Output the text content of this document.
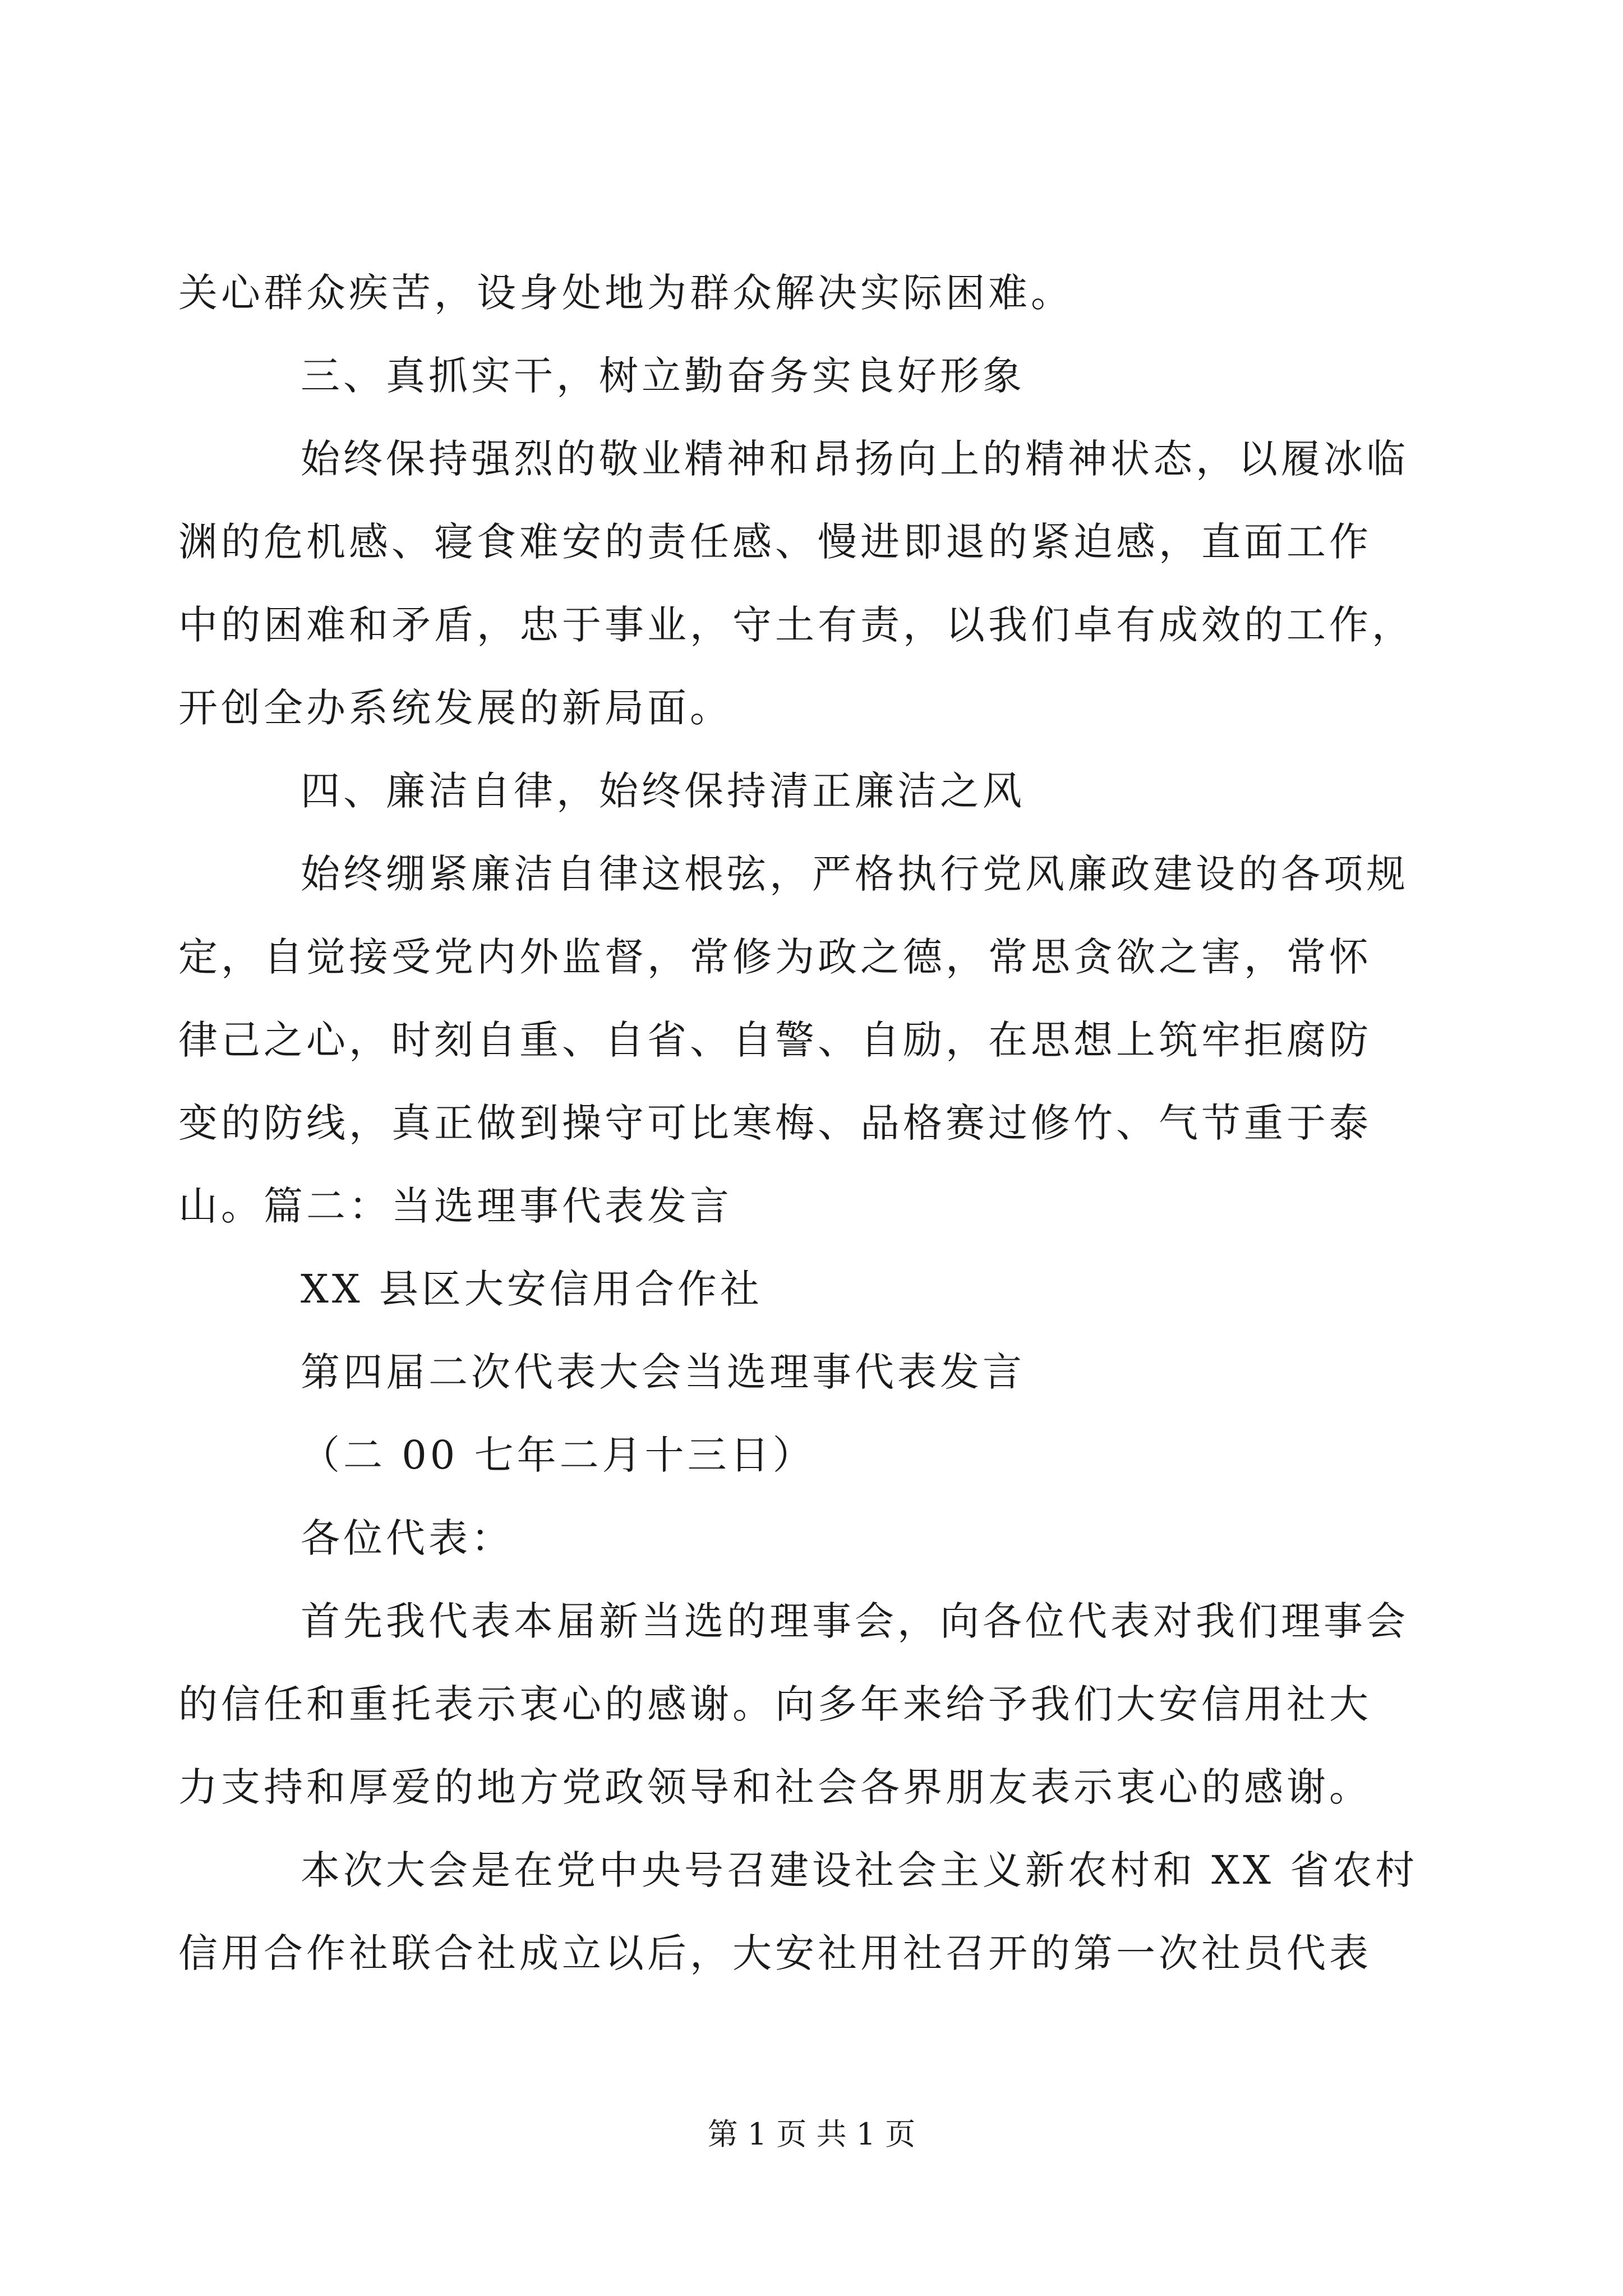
关心群众疾苦，设身处地为群众解决实际困难。
三、真抓实干，树立勤奋务实良好形象
始终保持强烈的敬业精神和昂扬向上的精神状态，以履冰临
渊的危机感、寝食难安的责任感、慢进即退的紧迫感，直面工作
中的困难和矛盾，忠于事业，守土有责，以我们卓有成效的工作，
开创全办系统发展的新局面。
四、廉洁自律，始终保持清正廉洁之风
始终绷紧廉洁自律这根弦，严格执行党风廉政建设的各项规
定，自觉接受党内外监督，常修为政之德，常思贪欲之害，常怀
律己之心，时刻自重、自省、自警、自励，在思想上筑牢拒腐防
变的防线，真正做到操守可比寒梅、品格赛过修竹、气节重于泰
山。篇二：当选理事代表发言
XX 县区大安信用合作社
第四届二次代表大会当选理事代表发言
（二 00 七年二月十三日）
各位代表：
首先我代表本届新当选的理事会，向各位代表对我们理事会
的信任和重托表示衷心的感谢。向多年来给予我们大安信用社大
力支持和厚爱的地方党政领导和社会各界朋友表示衷心的感谢。
本次大会是在党中央号召建设社会主义新农村和 XX 省农村
信用合作社联合社成立以后，大安社用社召开的第一次社员代表
第 1 页 共 1 页
